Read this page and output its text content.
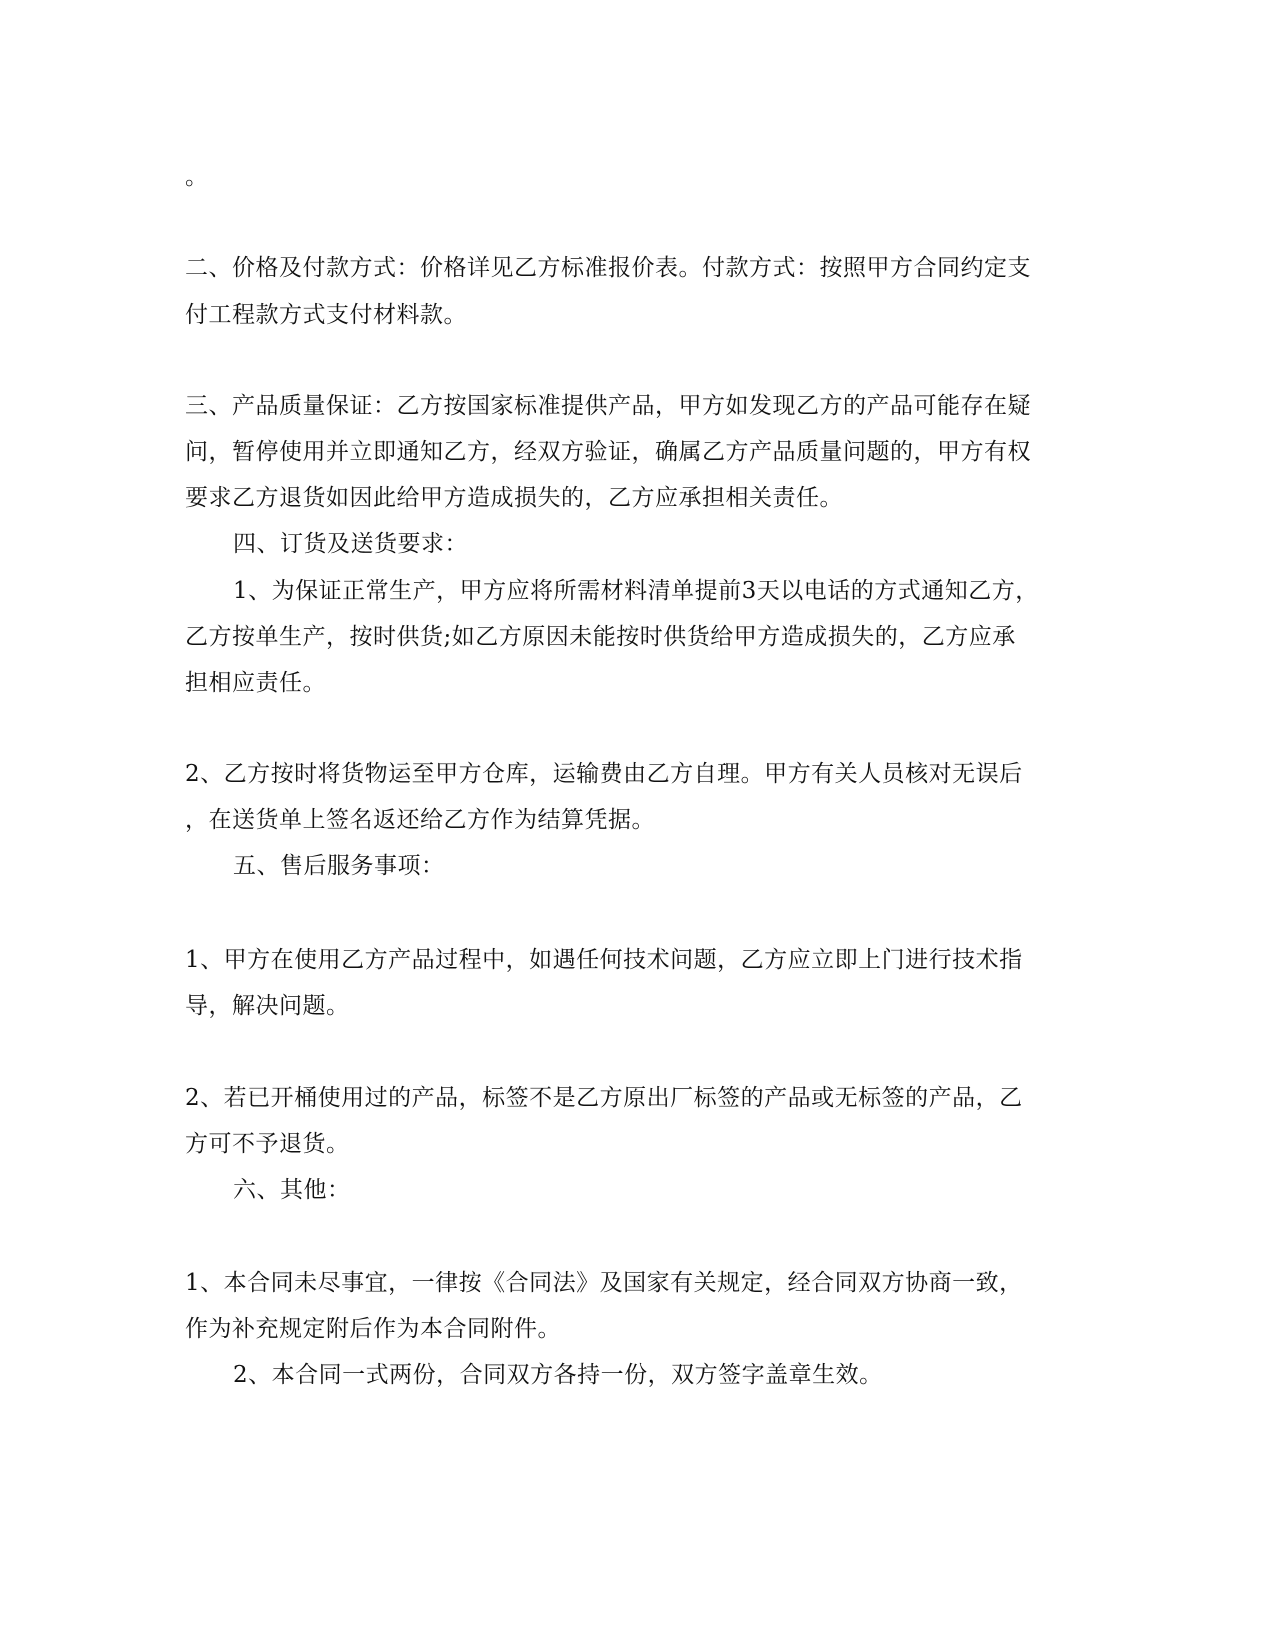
。
二、价格及付款方式：价格详见乙方标准报价表。付款方式：按照甲方合同约定支
付工程款方式支付材料款。
三、产品质量保证：乙方按国家标准提供产品，甲方如发现乙方的产品可能存在疑
问，暂停使用并立即通知乙方，经双方验证，确属乙方产品质量问题的，甲方有权
要求乙方退货如因此给甲方造成损失的，乙方应承担相关责任。
四、订货及送货要求：
1、为保证正常生产，甲方应将所需材料清单提前3天以电话的方式通知乙方，
乙方按单生产，按时供货;如乙方原因未能按时供货给甲方造成损失的，乙方应承
担相应责任。
2、乙方按时将货物运至甲方仓库，运输费由乙方自理。甲方有关人员核对无误后
，在送货单上签名返还给乙方作为结算凭据。
五、售后服务事项：
1、甲方在使用乙方产品过程中，如遇任何技术问题，乙方应立即上门进行技术指
导，解决问题。
2、若已开桶使用过的产品，标签不是乙方原出厂标签的产品或无标签的产品，乙
方可不予退货。
六、其他：
1、本合同未尽事宜，一律按《合同法》及国家有关规定，经合同双方协商一致，
作为补充规定附后作为本合同附件。
2、本合同一式两份，合同双方各持一份，双方签字盖章生效。
